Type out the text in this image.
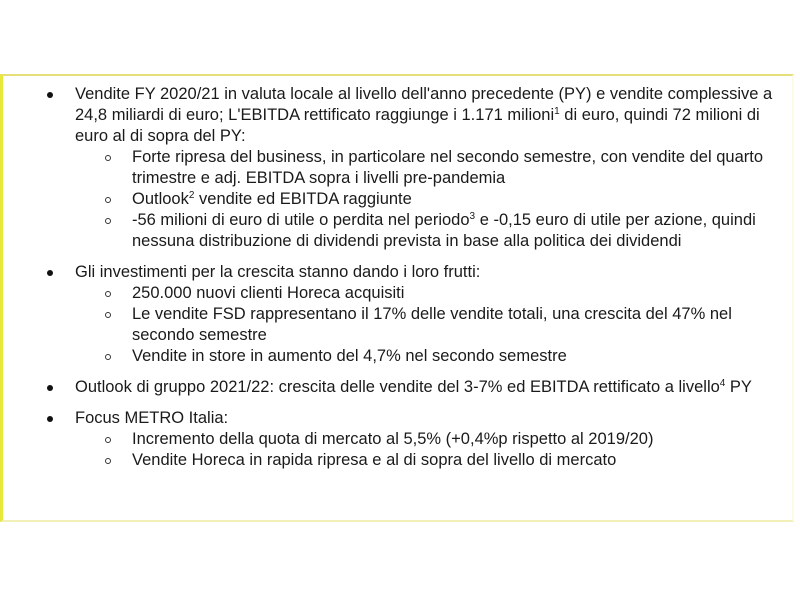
Vendite FY 2020/21 in valuta locale al livello dell'anno precedente (PY) e vendite complessive a 24,8 miliardi di euro; L'EBITDA rettificato raggiunge i 1.171 milioni$^1$ di euro, quindi 72 milioni di euro al di sopra del PY:

Forte ripresa del business, in particolare nel secondo semestre, con vendite del quarto trimestre e adj. EBITDA sopra i livelli pre-pandemia

Outlook$^2$ vendite ed EBITDA raggiunte

-56 milioni di euro di utile o perdita nel periodo$^3$ e -0,15 euro di utile per azione, quindi nessuna distribuzione di dividendi prevista in base alla politica dei dividendi

Gli investimenti per la crescita stanno dando i loro frutti:

250.000 nuovi clienti Horeca acquisiti

Le vendite FSD rappresentano il 17% delle vendite totali, una crescita del 47% nel secondo semestre

Vendite in store in aumento del 4,7% nel secondo semestre

Outlook di gruppo 2021/22: crescita delle vendite del 3-7% ed EBITDA rettificato a livello$^4$ PY

Focus METRO Italia:

Incremento della quota di mercato al 5,5% (+0,4%p rispetto al 2019/20)

Vendite Horeca in rapida ripresa e al di sopra del livello di mercato
